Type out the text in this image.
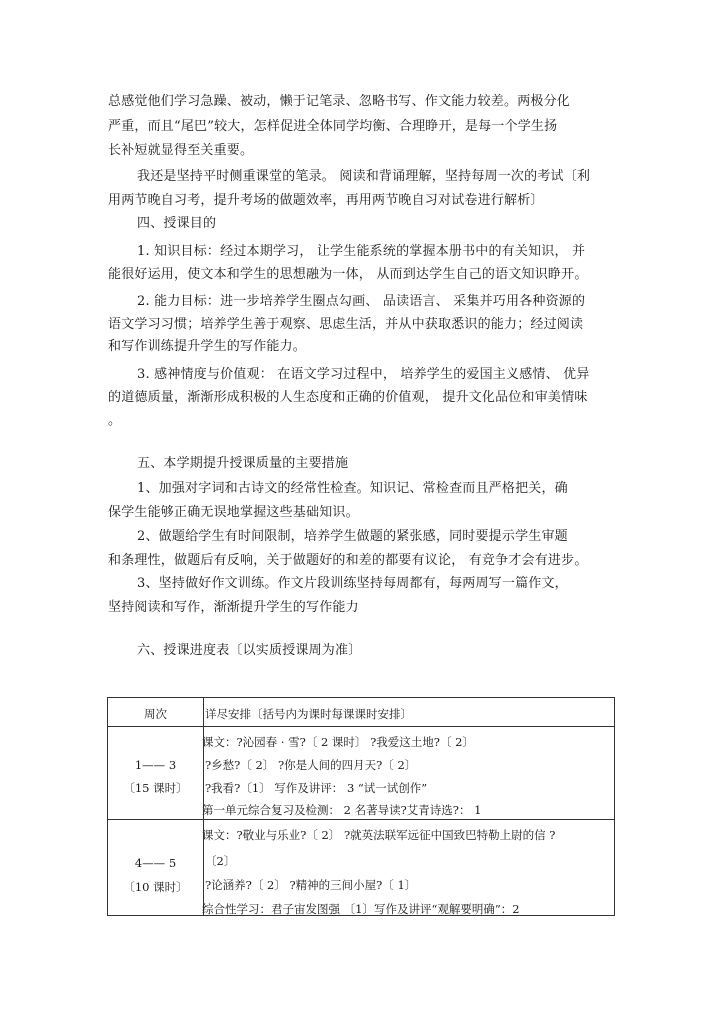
总感觉他们学习急躁、被动，懒于记笔录、忽略书写、作文能力较差。两极分化
严重，而且“尾巴”较大，怎样促进全体同学均衡、合理睁开，是每一个学生扬
长补短就显得至关重要。
我还是坚持平时侧重课堂的笔录。 阅读和背诵理解，坚持每周一次的考试〔利
用两节晚自习考，提升考场的做题效率，再用两节晚自习对试卷进行解析〕
四、授课目的
1. 知识目标：经过本期学习， 让学生能系统的掌握本册书中的有关知识， 并
能很好运用，使文本和学生的思想融为一体， 从而到达学生自己的语文知识睁开。
2. 能力目标：进一步培养学生圈点勾画、 品读语言、 采集并巧用各种资源的
语文学习习惯；培养学生善于观察、思虑生活，并从中获取悉识的能力；经过阅读
和写作训练提升学生的写作能力。
3. 感神情度与价值观： 在语文学习过程中， 培养学生的爱国主义感情、 优异
的道德质量，渐渐形成积极的人生态度和正确的价值观， 提升文化品位和审美情味
。
五、本学期提升授课质量的主要措施
1、加强对字词和古诗文的经常性检查。知识记、常检查而且严格把关，确
保学生能够正确无误地掌握这些基础知识。
2、做题给学生有时间限制，培养学生做题的紧张感，同时要提示学生审题
和条理性，做题后有反响，关于做题好的和差的都要有议论， 有竞争才会有进步。
3、坚持做好作文训练。作文片段训练坚持每周都有，每两周写一篇作文，
坚持阅读和写作，渐渐提升学生的写作能力
六、授课进度表〔以实质授课周为准〕
周次	详尽安排〔括号内为课时每课课时安排〕
1—— 3
〔15 课时〕
课文：?沁园春 · 雪?〔 2 课时〕 ?我爱这土地?〔 2〕
?乡愁?〔 2〕 ?你是人间的四月天?〔 2〕
?我看?〔1〕 写作及讲评： 3 “试一试创作”
第一单元综合复习及检测： 2 名著导读?艾青诗选?： 1
4—— 5
〔10 课时〕
课文：?敬业与乐业?〔 2〕 ?就英法联军远征中国致巴特勒上尉的信 ?
〔2〕
?论涵养?〔 2〕 ?精神的三间小屋?〔 1〕
综合性学习：君子宙发图强 〔1〕写作及讲评“观解要明确”：2
